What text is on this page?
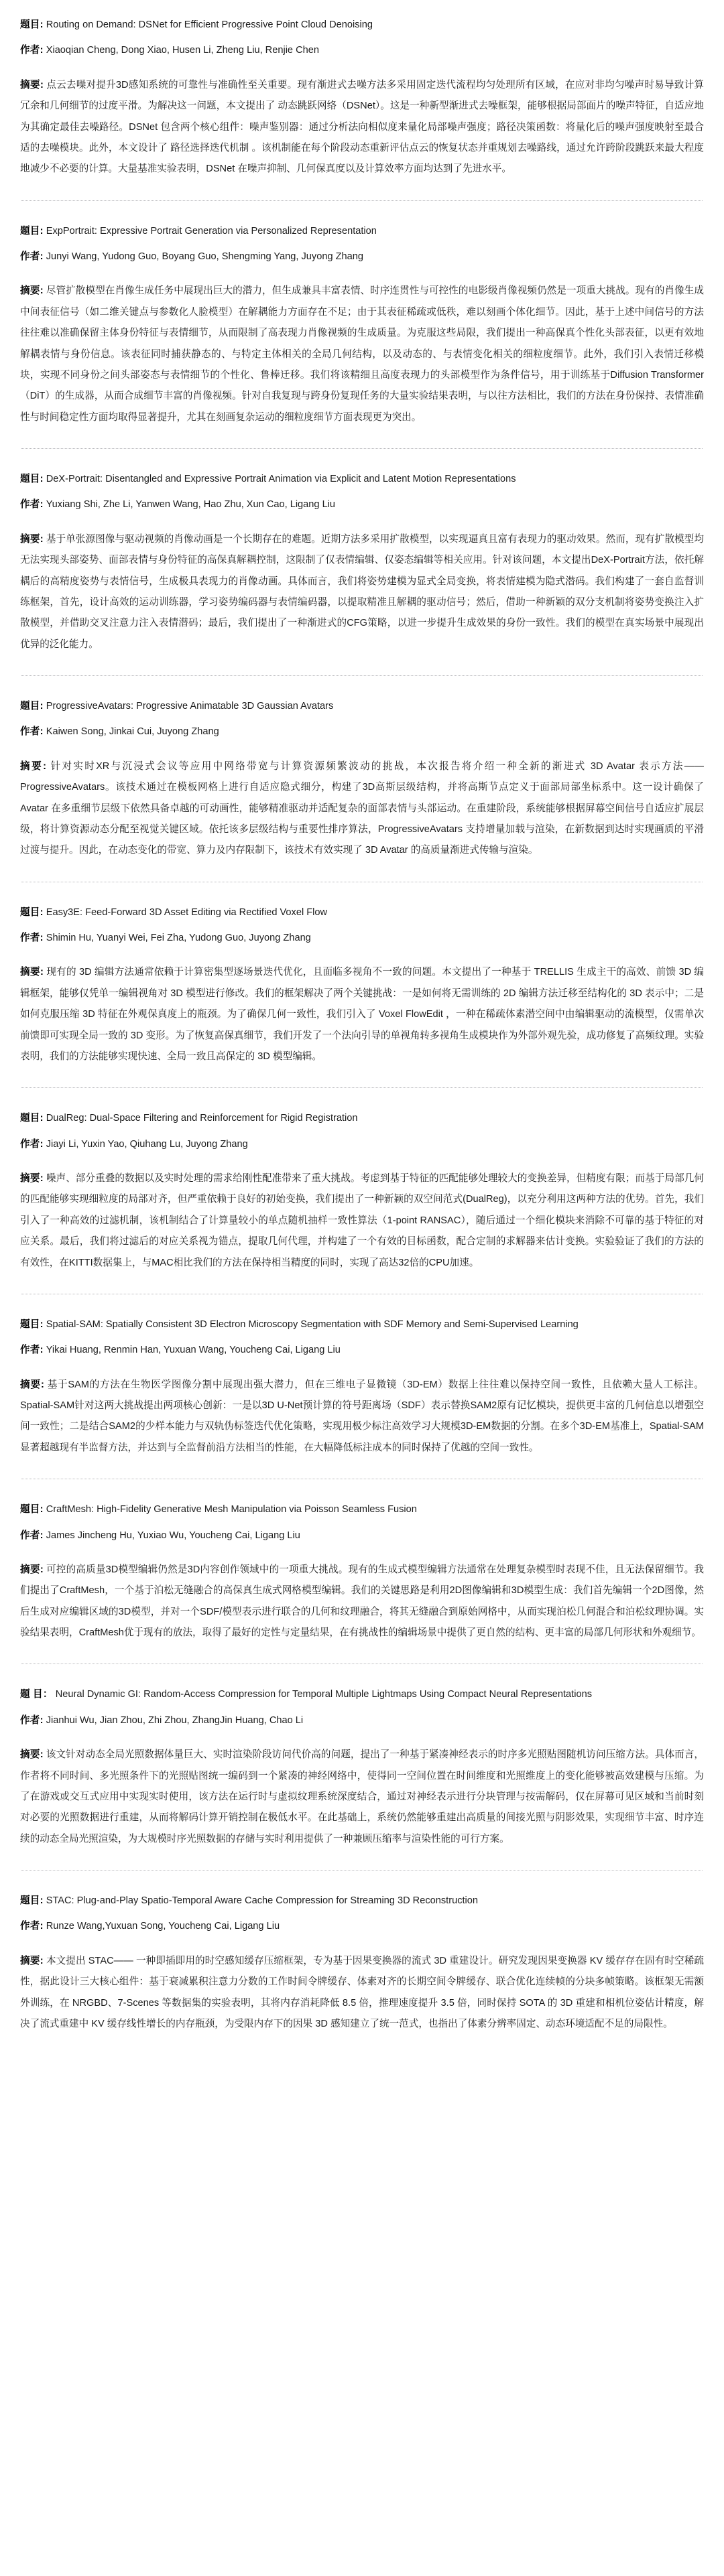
题目: Routing on Demand: DSNet for Efficient Progressive Point Cloud Denoising

作者: Xiaoqian Cheng, Dong Xiao, Husen Li, Zheng Liu, Renjie Chen

摘要: 点云去噪对提升3D感知系统的可靠性与准确性至关重要。现有渐进式去噪方法多采用固定迭代流程均匀处理所有区域，在应对非均匀噪声时易导致计算冗余和几何细节的过度平滑。为解决这一问题，本文提出了 动态跳跃网络（DSNet）。这是一种新型渐进式去噪框架，能够根据局部面片的噪声特征，自适应地为其确定最佳去噪路径。DSNet 包含两个核心组件：噪声鉴别器：通过分析法向相似度来量化局部噪声强度；路径决策函数：将量化后的噪声强度映射至最合适的去噪模块。此外，本文设计了 路径选择迭代机制 。该机制能在每个阶段动态重新评估点云的恢复状态并重规划去噪路线，通过允许跨阶段跳跃来最大程度地减少不必要的计算。大量基准实验表明，DSNet 在噪声抑制、几何保真度以及计算效率方面均达到了先进水平。

题目: ExpPortrait: Expressive Portrait Generation via Personalized Representation

作者: Junyi Wang, Yudong Guo, Boyang Guo, Shengming Yang, Juyong Zhang

摘要: 尽管扩散模型在肖像生成任务中展现出巨大的潜力，但生成兼具丰富表情、时序连贯性与可控性的电影级肖像视频仍然是一项重大挑战。现有的肖像生成中间表征信号（如二维关键点与参数化人脸模型）在解耦能力方面存在不足；由于其表征稀疏或低秩，难以刻画个体化细节。因此，基于上述中间信号的方法往往难以准确保留主体身份特征与表情细节，从而限制了高表现力肖像视频的生成质量。为克服这些局限，我们提出一种高保真个性化头部表征，以更有效地解耦表情与身份信息。该表征同时捕获静态的、与特定主体相关的全局几何结构，以及动态的、与表情变化相关的细粒度细节。此外，我们引入表情迁移模块，实现不同身份之间头部姿态与表情细节的个性化、鲁棒迁移。我们将该精细且高度表现力的头部模型作为条件信号，用于训练基于Diffusion Transformer（DiT）的生成器，从而合成细节丰富的肖像视频。针对自我复现与跨身份复现任务的大量实验结果表明，与以往方法相比，我们的方法在身份保持、表情准确性与时间稳定性方面均取得显著提升，尤其在刻画复杂运动的细粒度细节方面表现更为突出。

题目: DeX-Portrait: Disentangled and Expressive Portrait Animation via Explicit and Latent Motion Representations

作者: Yuxiang Shi, Zhe Li, Yanwen Wang, Hao Zhu, Xun Cao, Ligang Liu

摘要: 基于单张源图像与驱动视频的肖像动画是一个长期存在的难题。近期方法多采用扩散模型，以实现逼真且富有表现力的驱动效果。然而，现有扩散模型均无法实现头部姿势、面部表情与身份特征的高保真解耦控制，这限制了仅表情编辑、仅姿态编辑等相关应用。针对该问题，本文提出DeX-Portrait方法，依托解耦后的高精度姿势与表情信号，生成极具表现力的肖像动画。具体而言，我们将姿势建模为显式全局变换，将表情建模为隐式潜码。我们构建了一套自监督训练框架，首先，设计高效的运动训练器，学习姿势编码器与表情编码器，以提取精准且解耦的驱动信号；然后，借助一种新颖的双分支机制将姿势变换注入扩散模型，并借助交叉注意力注入表情潜码；最后，我们提出了一种渐进式的CFG策略，以进一步提升生成效果的身份一致性。我们的模型在真实场景中展现出优异的泛化能力。

题目: ProgressiveAvatars: Progressive Animatable 3D Gaussian Avatars

作者: Kaiwen Song, Jinkai Cui, Juyong Zhang

摘要: 针对实时XR与沉浸式会议等应用中网络带宽与计算资源频繁波动的挑战，本次报告将介绍一种全新的渐进式 3D Avatar 表示方法——ProgressiveAvatars。该技术通过在模板网格上进行自适应隐式细分，构建了3D高斯层级结构，并将高斯节点定义于面部局部坐标系中。这一设计确保了 Avatar 在多重细节层级下依然具备卓越的可动画性，能够精准驱动并适配复杂的面部表情与头部运动。在重建阶段，系统能够根据屏幕空间信号自适应扩展层级，将计算资源动态分配至视觉关键区域。依托该多层级结构与重要性排序算法，ProgressiveAvatars 支持增量加载与渲染，在新数据到达时实现画质的平滑过渡与提升。因此，在动态变化的带宽、算力及内存限制下，该技术有效实现了 3D Avatar 的高质量渐进式传输与渲染。

题目: Easy3E: Feed-Forward 3D Asset Editing via Rectified Voxel Flow

作者: Shimin Hu, Yuanyi Wei, Fei Zha, Yudong Guo, Juyong Zhang

摘要: 现有的 3D 编辑方法通常依赖于计算密集型逐场景迭代优化，且面临多视角不一致的问题。本文提出了一种基于 TRELLIS 生成主干的高效、前馈 3D 编辑框架，能够仅凭单一编辑视角对 3D 模型进行修改。我们的框架解决了两个关键挑战：一是如何将无需训练的 2D 编辑方法迁移至结构化的 3D 表示中；二是如何克服压缩 3D 特征在外观保真度上的瓶颈。为了确保几何一致性，我们引入了 Voxel FlowEdit ，一种在稀疏体素潜空间中由编辑驱动的流模型，仅需单次前馈即可实现全局一致的 3D 变形。为了恢复高保真细节，我们开发了一个法向引导的单视角转多视角生成模块作为外部外观先验，成功修复了高频纹理。实验表明，我们的方法能够实现快速、全局一致且高保定的 3D 模型编辑。

题目: DualReg: Dual-Space Filtering and Reinforcement for Rigid Registration

作者: Jiayi Li, Yuxin Yao, Qiuhang Lu, Juyong Zhang

摘要: 噪声、部分重叠的数据以及实时处理的需求给刚性配准带来了重大挑战。考虑到基于特征的匹配能够处理较大的变换差异，但精度有限；而基于局部几何的匹配能够实现细粒度的局部对齐，但严重依赖于良好的初始变换，我们提出了一种新颖的双空间范式(DualReg)，以充分利用这两种方法的优势。首先，我们引入了一种高效的过滤机制，该机制结合了计算量较小的单点随机抽样一致性算法（1-point RANSAC），随后通过一个细化模块来消除不可靠的基于特征的对应关系。最后，我们将过滤后的对应关系视为锚点，提取几何代理，并构建了一个有效的目标函数，配合定制的求解器来估计变换。实验验证了我们的方法的有效性，在KITTI数据集上，与MAC相比我们的方法在保持相当精度的同时，实现了高达32倍的CPU加速。

题目: Spatial-SAM: Spatially Consistent 3D Electron Microscopy Segmentation with SDF Memory and Semi-Supervised Learning

作者: Yikai Huang, Renmin Han, Yuxuan Wang, Youcheng Cai, Ligang Liu

摘要: 基于SAM的方法在生物医学图像分割中展现出强大潜力，但在三维电子显微镜（3D-EM）数据上往往难以保持空间一致性，且依赖大量人工标注。Spatial-SAM针对这两大挑战提出两项核心创新：一是以3D U-Net预计算的符号距离场（SDF）表示替换SAM2原有记忆模块，提供更丰富的几何信息以增强空间一致性；二是结合SAM2的少样本能力与双轨伪标签迭代优化策略，实现用极少标注高效学习大规模3D-EM数据的分割。在多个3D-EM基准上，Spatial-SAM显著超越现有半监督方法，并达到与全监督前沿方法相当的性能，在大幅降低标注成本的同时保持了优越的空间一致性。

题目: CraftMesh: High-Fidelity Generative Mesh Manipulation via Poisson Seamless Fusion

作者: James Jincheng Hu, Yuxiao Wu, Youcheng Cai, Ligang Liu

摘要: 可控的高质量3D模型编辑仍然是3D内容创作领域中的一项重大挑战。现有的生成式模型编辑方法通常在处理复杂模型时表现不佳，且无法保留细节。我们提出了CraftMesh，一个基于泊松无缝融合的高保真生成式网格模型编辑。我们的关键思路是利用2D图像编辑和3D模型生成：我们首先编辑一个2D图像，然后生成对应编辑区域的3D模型，并对一个SDF/模型表示进行联合的几何和纹理融合，将其无缝融合到原始网格中，从而实现泊松几何混合和泊松纹理协调。实验结果表明，CraftMesh优于现有的放法，取得了最好的定性与定量结果，在有挑战性的编辑场景中提供了更自然的结构、更丰富的局部几何形状和外观细节。

题 目： Neural Dynamic GI: Random-Access Compression for Temporal Multiple Lightmaps Using Compact Neural Representations

作者: Jianhui Wu, Jian Zhou, Zhi Zhou, ZhangJin Huang, Chao Li

摘要: 该文针对动态全局光照数据体量巨大、实时渲染阶段访问代价高的问题，提出了一种基于紧凑神经表示的时序多光照贴图随机访问压缩方法。具体而言，作者将不同时间、多光照条件下的光照贴图统一编码到一个紧凑的神经网络中，使得同一空间位置在时间维度和光照维度上的变化能够被高效建模与压缩。为了在游戏或交互式应用中实现实时使用，该方法在运行时与虚拟纹理系统深度结合，通过对神经表示进行分块管理与按需解码，仅在屏幕可见区域和当前时刻对必要的光照数据进行重建，从而将解码计算开销控制在极低水平。在此基础上，系统仍然能够重建出高质量的间接光照与阴影效果，实现细节丰富、时序连续的动态全局光照渲染，为大规模时序光照数据的存储与实时利用提供了一种兼顾压缩率与渲染性能的可行方案。

题目: STAC: Plug-and-Play Spatio-Temporal Aware Cache Compression for Streaming 3D Reconstruction

作者: Runze Wang,Yuxuan Song, Youcheng Cai, Ligang Liu

摘要: 本文提出 STAC—— 一种即插即用的时空感知缓存压缩框架，专为基于因果变换器的流式 3D 重建设计。研究发现因果变换器 KV 缓存存在固有时空稀疏性，据此设计三大核心组件：基于衰减累积注意力分数的工作时间令牌缓存、体素对齐的长期空间令牌缓存、联合优化连续帧的分块多帧策略。该框架无需额外训练，在 NRGBD、7-Scenes 等数据集的实验表明，其将内存消耗降低 8.5 倍，推理速度提升 3.5 倍，同时保持 SOTA 的 3D 重建和相机位姿估计精度，解决了流式重建中 KV 缓存线性增长的内存瓶颈，为受限内存下的因果 3D 感知建立了统一范式，也指出了体素分辨率固定、动态环境适配不足的局限性。
